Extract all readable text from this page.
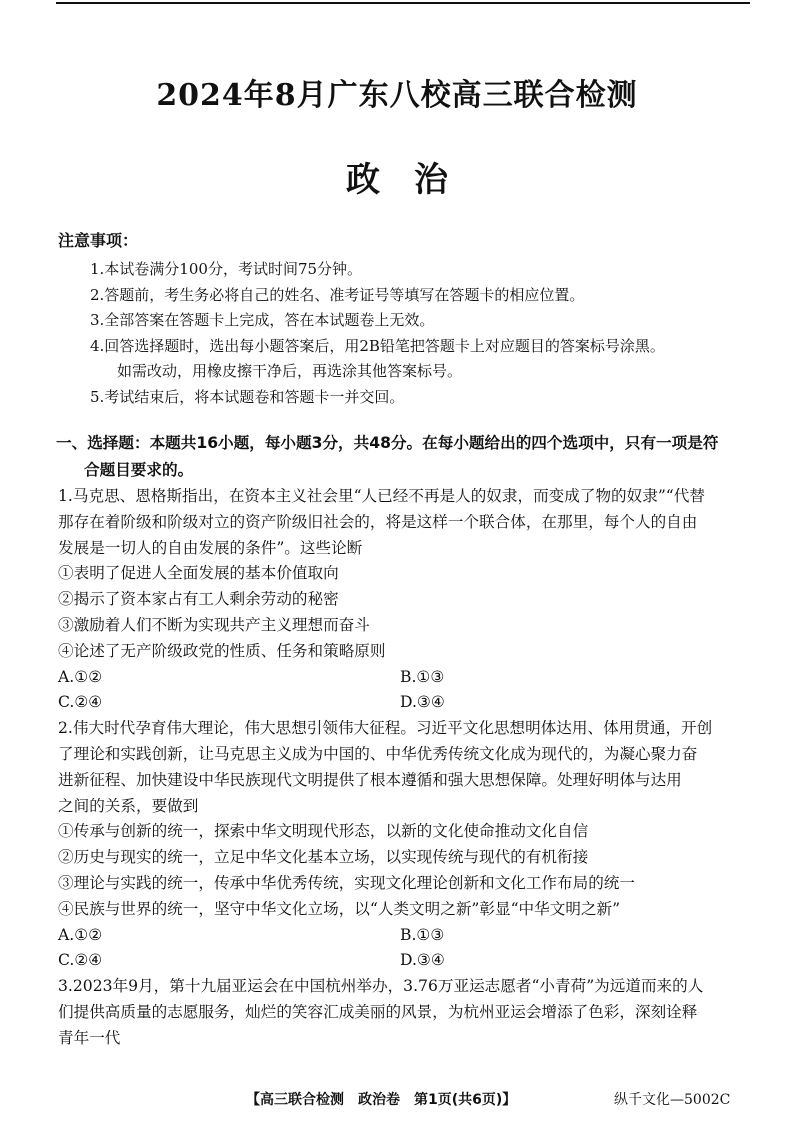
2024年8月广东八校高三联合检测
政治
注意事项：
1.本试卷满分100分，考试时间75分钟。
2.答题前，考生务必将自己的姓名、准考证号等填写在答题卡的相应位置。
3.全部答案在答题卡上完成，答在本试题卷上无效。
4.回答选择题时，选出每小题答案后，用2B铅笔把答题卡上对应题目的答案标号涂黑。
如需改动，用橡皮擦干净后，再选涂其他答案标号。
5.考试结束后，将本试题卷和答题卡一并交回。
一、选择题：本题共16小题，每小题3分，共48分。在每小题给出的四个选项中，只有一项是符
合题目要求的。
1.马克思、恩格斯指出，在资本主义社会里“人已经不再是人的奴隶，而变成了物的奴隶”“代替
那存在着阶级和阶级对立的资产阶级旧社会的，将是这样一个联合体，在那里，每个人的自由
发展是一切人的自由发展的条件”。这些论断
①表明了促进人全面发展的基本价值取向
②揭示了资本家占有工人剩余劳动的秘密
③激励着人们不断为实现共产主义理想而奋斗
④论述了无产阶级政党的性质、任务和策略原则
A.①②	B.①③
C.②④	D.③④
2.伟大时代孕育伟大理论，伟大思想引领伟大征程。习近平文化思想明体达用、体用贯通，开创
了理论和实践创新，让马克思主义成为中国的、中华优秀传统文化成为现代的，为凝心聚力奋
进新征程、加快建设中华民族现代文明提供了根本遵循和强大思想保障。处理好明体与达用
之间的关系，要做到
①传承与创新的统一，探索中华文明现代形态，以新的文化使命推动文化自信
②历史与现实的统一，立足中华文化基本立场，以实现传统与现代的有机衔接
③理论与实践的统一，传承中华优秀传统，实现文化理论创新和文化工作布局的统一
④民族与世界的统一，坚守中华文化立场，以“人类文明之新”彰显“中华文明之新”
A.①②	B.①③
C.②④	D.③④
3.2023年9月，第十九届亚运会在中国杭州举办，3.76万亚运志愿者“小青荷”为远道而来的人
们提供高质量的志愿服务，灿烂的笑容汇成美丽的风景，为杭州亚运会增添了色彩，深刻诠释
青年一代
【高三联合检测　政治卷　第1页(共6页)】	纵千文化—5002C
